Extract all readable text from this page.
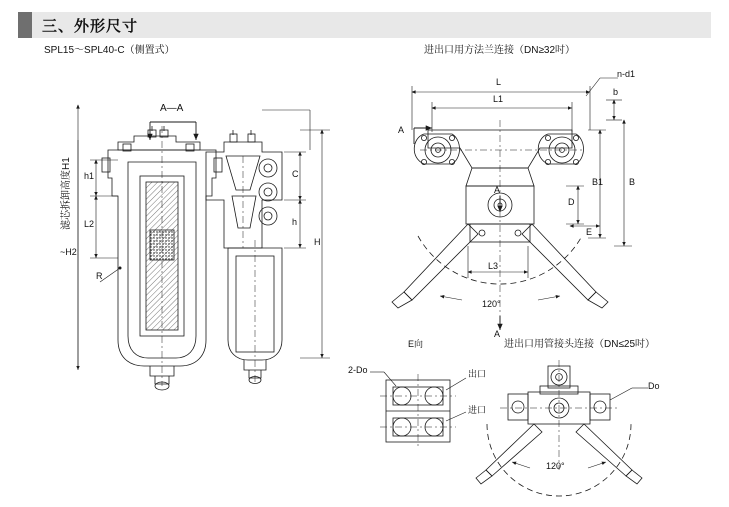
三、外形尺寸
SPL15～SPL40-C（侧置式）
滤芯拆卸高度H1
A—A
h1
L2
~H2
R
C
h
H
进出口用方法兰连接（DN≥32吋）
L
L1
L3
n-d1
b
B1	B
D
E
A
A
A
120°
E向
2-Do	出口
进口
进出口用管接头连接（DN≤25吋）
Do
120°
